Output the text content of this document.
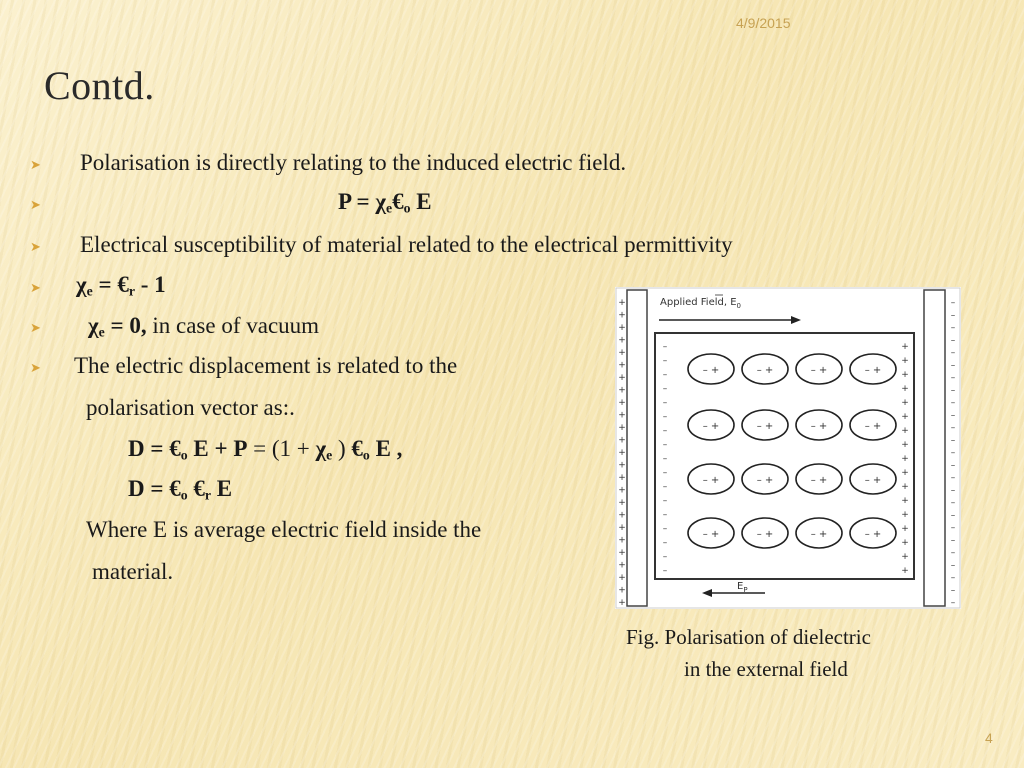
4/9/2015
Contd.
➤ Polarisation is directly relating to the induced electric field.
➤	$P = \chi_e€_o$ E
➤ Electrical susceptibility of material related to the electrical permittivity
➤ $\chi_e$ = $€_r - 1$
➤ $\chi_e = 0$, in case of vacuum
➤ The electric displacement is related to the
polarisation vector as:.
$D = €_o$ $E + P = (1 + \chi_e$ ) $€_o$ E ,
$D = €_o$ $€_r$ E
Where E is average electric field inside the
material.
Applied Field, $E_0$
$E_P$
+	–
+	–
+	–
+	–
+	–
+	–
+	–
+	–
+	–
+	–
+	–
+	–
+	–
+	–
+	–
+	–
+	–
+	–
+	–
+	–
+	–
+	–
+	–
+	–
+	–
–	+
–	+
–	+
–	+
–	+
–	+
–	+
–	+
–	+
–	+
–	+
–	+
–	+
–	+
–	+
–	+
–	+
– +	– +	– +	– +
– +	– +	– +	– +
– +	– +	– +	– +
– +	– +	– +	– +
Fig. Polarisation of dielectric
in the external field
4
